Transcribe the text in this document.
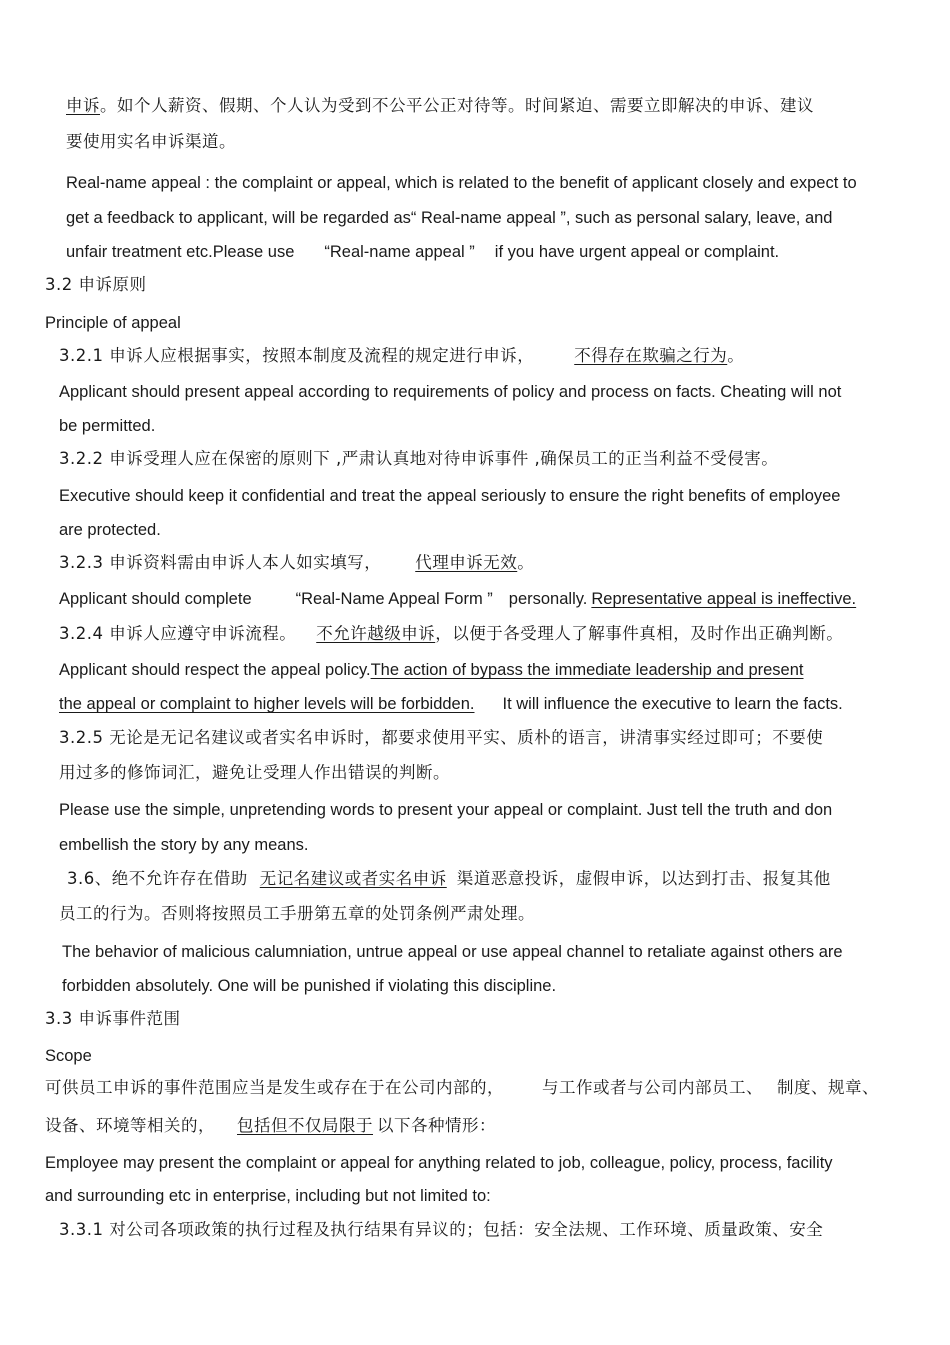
申诉。如个人薪资、假期、个人认为受到不公平公正对待等。时间紧迫、需要立即解决的申诉、建议
要使用实名申诉渠道。
Real-name appeal : the complaint or appeal, which is related to the benefit of applicant closely and expect to
get a feedback to applicant, will be regarded as“ Real-name appeal ”, such as personal salary, leave, and
unfair treatment etc.Please use “Real-name appeal ” if you have urgent appeal or complaint.
3.2 申诉原则
Principle of appeal
3.2.1 申诉人应根据事实，按照本制度及流程的规定进行申诉， 不得存在欺骗之行为。
Applicant should present appeal according to requirements of policy and process on facts. Cheating will not
be permitted.
3.2.2 申诉受理人应在保密的原则下 ,严肃认真地对待申诉事件 ,确保员工的正当利益不受侵害。
Executive should keep it confidential and treat the appeal seriously to ensure the right benefits of employee
are protected.
3.2.3 申诉资料需由申诉人本人如实填写， 代理申诉无效。
Applicant should complete	“Real-Name Appeal Form ” personally. Representative appeal is ineffective.
3.2.4 申诉人应遵守申诉流程。 不允许越级申诉，以便于各受理人了解事件真相，及时作出正确判断。
Applicant should respect the appeal policy.The action of bypass the immediate leadership and present
the appeal or complaint to higher levels will be forbidden. It will influence the executive to learn the facts.
3.2.5 无论是无记名建议或者实名申诉时，都要求使用平实、质朴的语言，讲清事实经过即可；不要使
用过多的修饰词汇，避免让受理人作出错误的判断。
Please use the simple, unpretending words to present your appeal or complaint. Just tell the truth and don
embellish the story by any means.
3.6、绝不允许存在借助 无记名建议或者实名申诉 渠道恶意投诉，虚假申诉，以达到打击、报复其他
员工的行为。否则将按照员工手册第五章的处罚条例严肃处理。
The behavior of malicious calumniation, untrue appeal or use appeal channel to retaliate against others are
forbidden absolutely. One will be punished if violating this discipline.
3.3 申诉事件范围
Scope
可供员工申诉的事件范围应当是发生或存在于在公司内部的， 与工作或者与公司内部员工、 制度、规章、
设备、环境等相关的， 包括但不仅局限于 以下各种情形：
Employee may present the complaint or appeal for anything related to job, colleague, policy, process, facility
and surrounding etc in enterprise, including but not limited to:
3.3.1 对公司各项政策的执行过程及执行结果有异议的；包括：安全法规、工作环境、质量政策、安全
